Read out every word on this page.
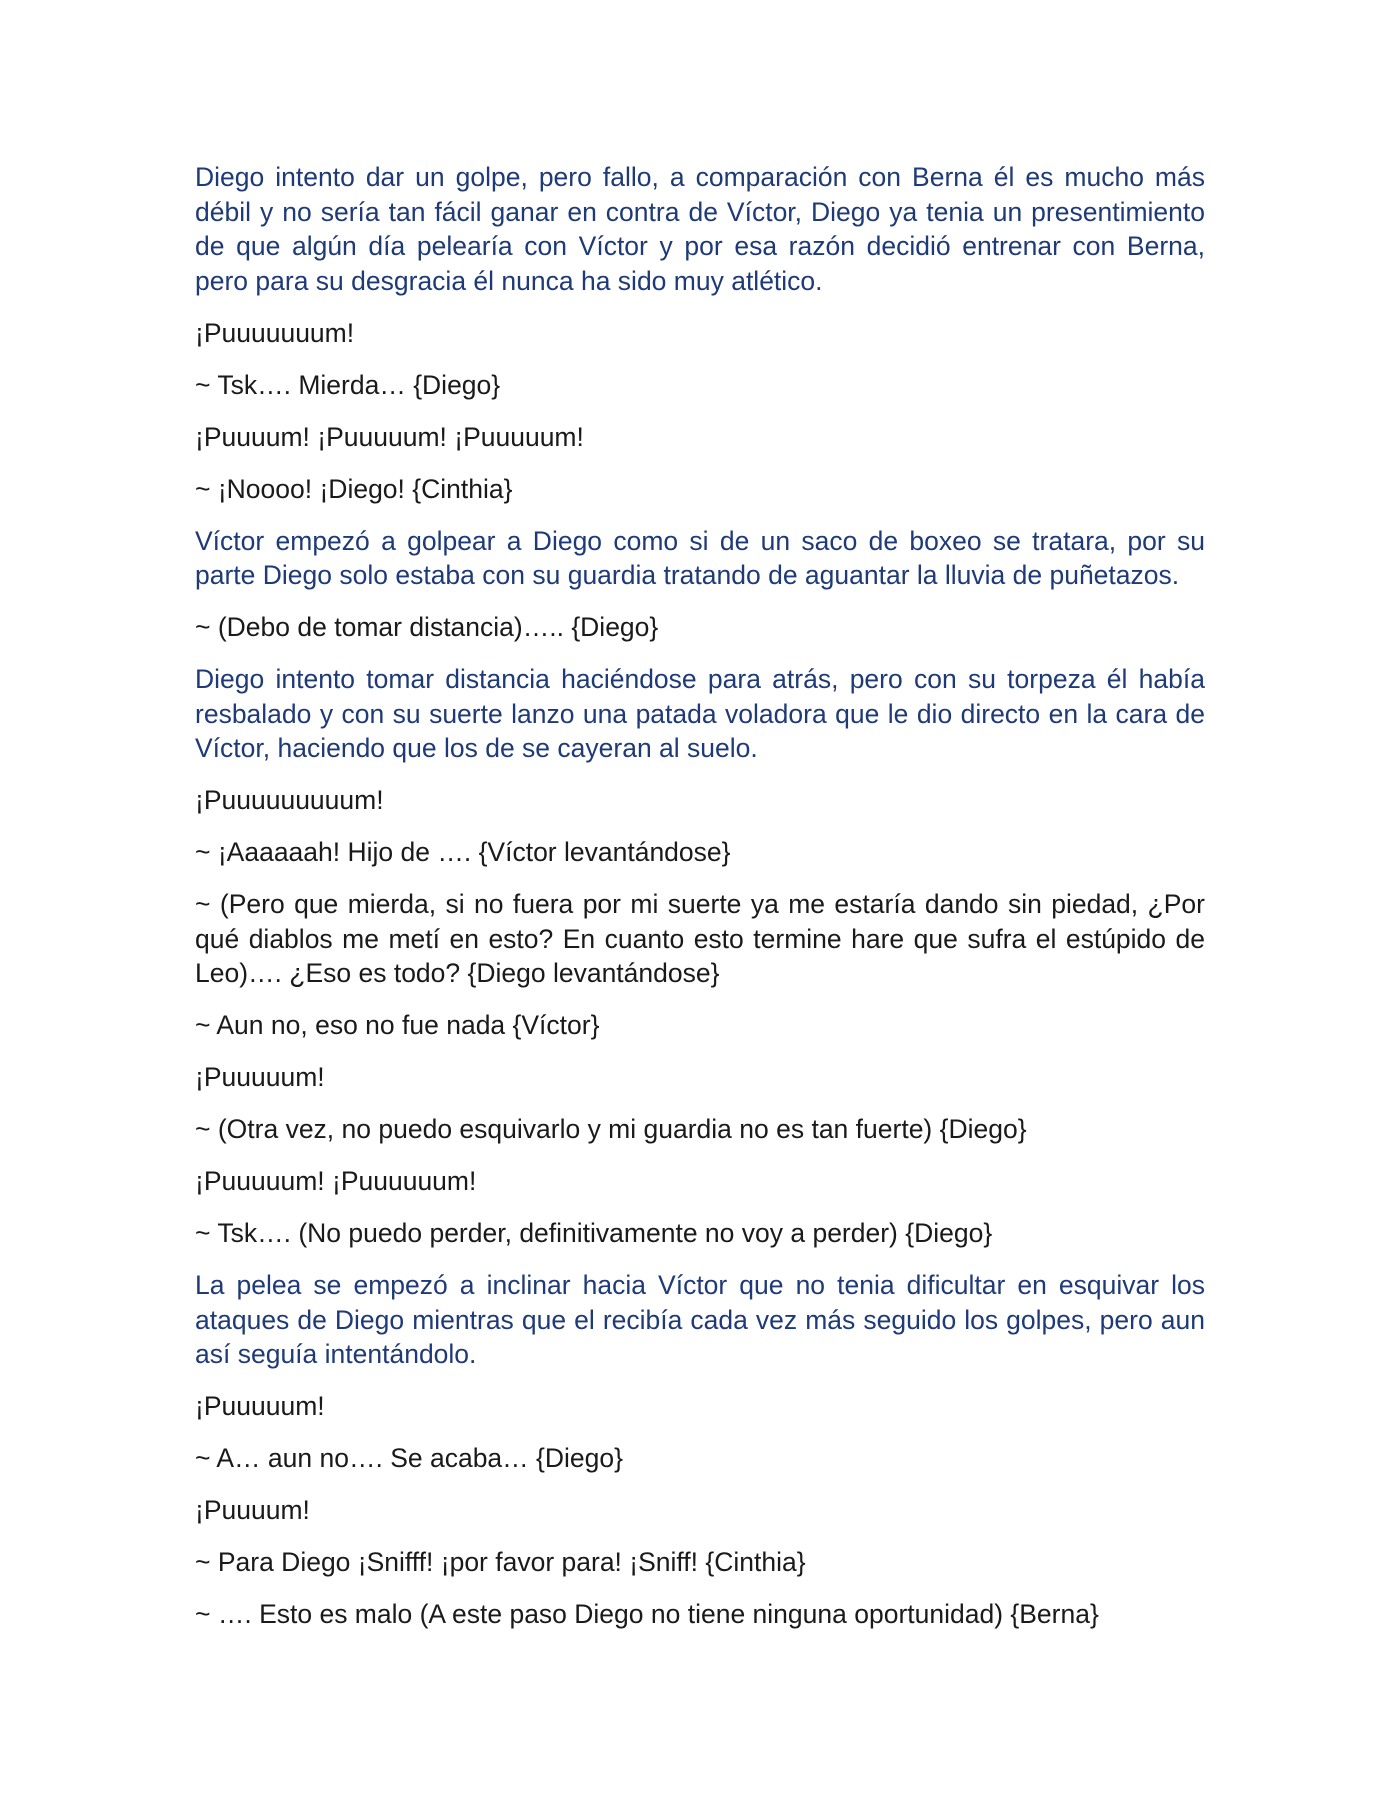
Diego intento dar un golpe, pero fallo, a comparación con Berna él es mucho más débil y no sería tan fácil ganar en contra de Víctor, Diego ya tenia un presentimiento de que algún día pelearía con Víctor y por esa razón decidió entrenar con Berna, pero para su desgracia él nunca ha sido muy atlético.

¡Puuuuuuum!

~ Tsk…. Mierda… {Diego}

¡Puuuum! ¡Puuuuum! ¡Puuuuum!

~ ¡Noooo! ¡Diego! {Cinthia}

Víctor empezó a golpear a Diego como si de un saco de boxeo se tratara, por su parte Diego solo estaba con su guardia tratando de aguantar la lluvia de puñetazos.

~ (Debo de tomar distancia)….. {Diego}

Diego intento tomar distancia haciéndose para atrás, pero con su torpeza él había resbalado y con su suerte lanzo una patada voladora que le dio directo en la cara de Víctor, haciendo que los de se cayeran al suelo.

¡Puuuuuuuuum!

~ ¡Aaaaaah! Hijo de …. {Víctor levantándose}

~ (Pero que mierda, si no fuera por mi suerte ya me estaría dando sin piedad, ¿Por qué diablos me metí en esto? En cuanto esto termine hare que sufra el estúpido de Leo)…. ¿Eso es todo? {Diego levantándose}

~ Aun no, eso no fue nada {Víctor}

¡Puuuuum!

~ (Otra vez, no puedo esquivarlo y mi guardia no es tan fuerte) {Diego}

¡Puuuuum! ¡Puuuuuum!

~ Tsk…. (No puedo perder, definitivamente no voy a perder) {Diego}

La pelea se empezó a inclinar hacia Víctor que no tenia dificultar en esquivar los ataques de Diego mientras que el recibía cada vez más seguido los golpes, pero aun así seguía intentándolo.

¡Puuuuum!

~ A… aun no…. Se acaba… {Diego}

¡Puuuum!

~ Para Diego ¡Snifff! ¡por favor para! ¡Sniff! {Cinthia}

~ …. Esto es malo (A este paso Diego no tiene ninguna oportunidad) {Berna}
